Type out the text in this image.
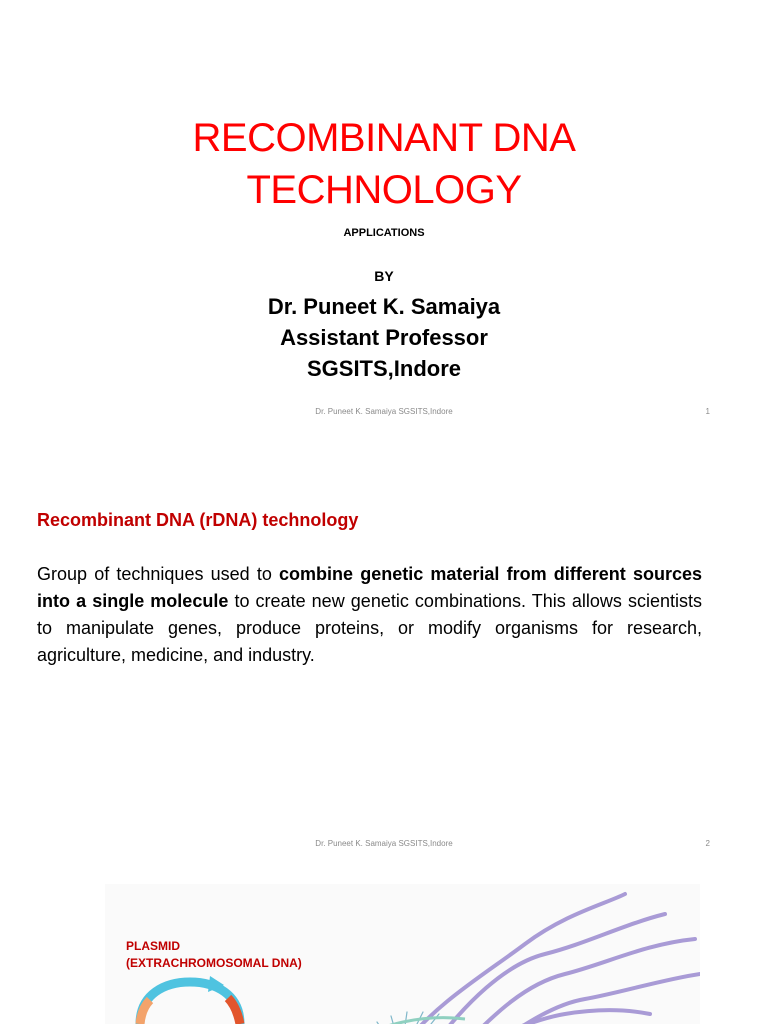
RECOMBINANT DNA
TECHNOLOGY
APPLICATIONS
BY
Dr. Puneet K. Samaiya
Assistant Professor
SGSITS,Indore
Dr. Puneet K. Samaiya SGSITS,Indore	1
Recombinant DNA (rDNA) technology
Group of techniques used to combine genetic material from different sources into a single molecule to create new genetic combinations. This allows scientists to manipulate genes, produce proteins, or modify organisms for research, agriculture, medicine, and industry.
Dr. Puneet K. Samaiya SGSITS,Indore	2
PLASMID
(EXTRACHROMOSOMAL DNA)
